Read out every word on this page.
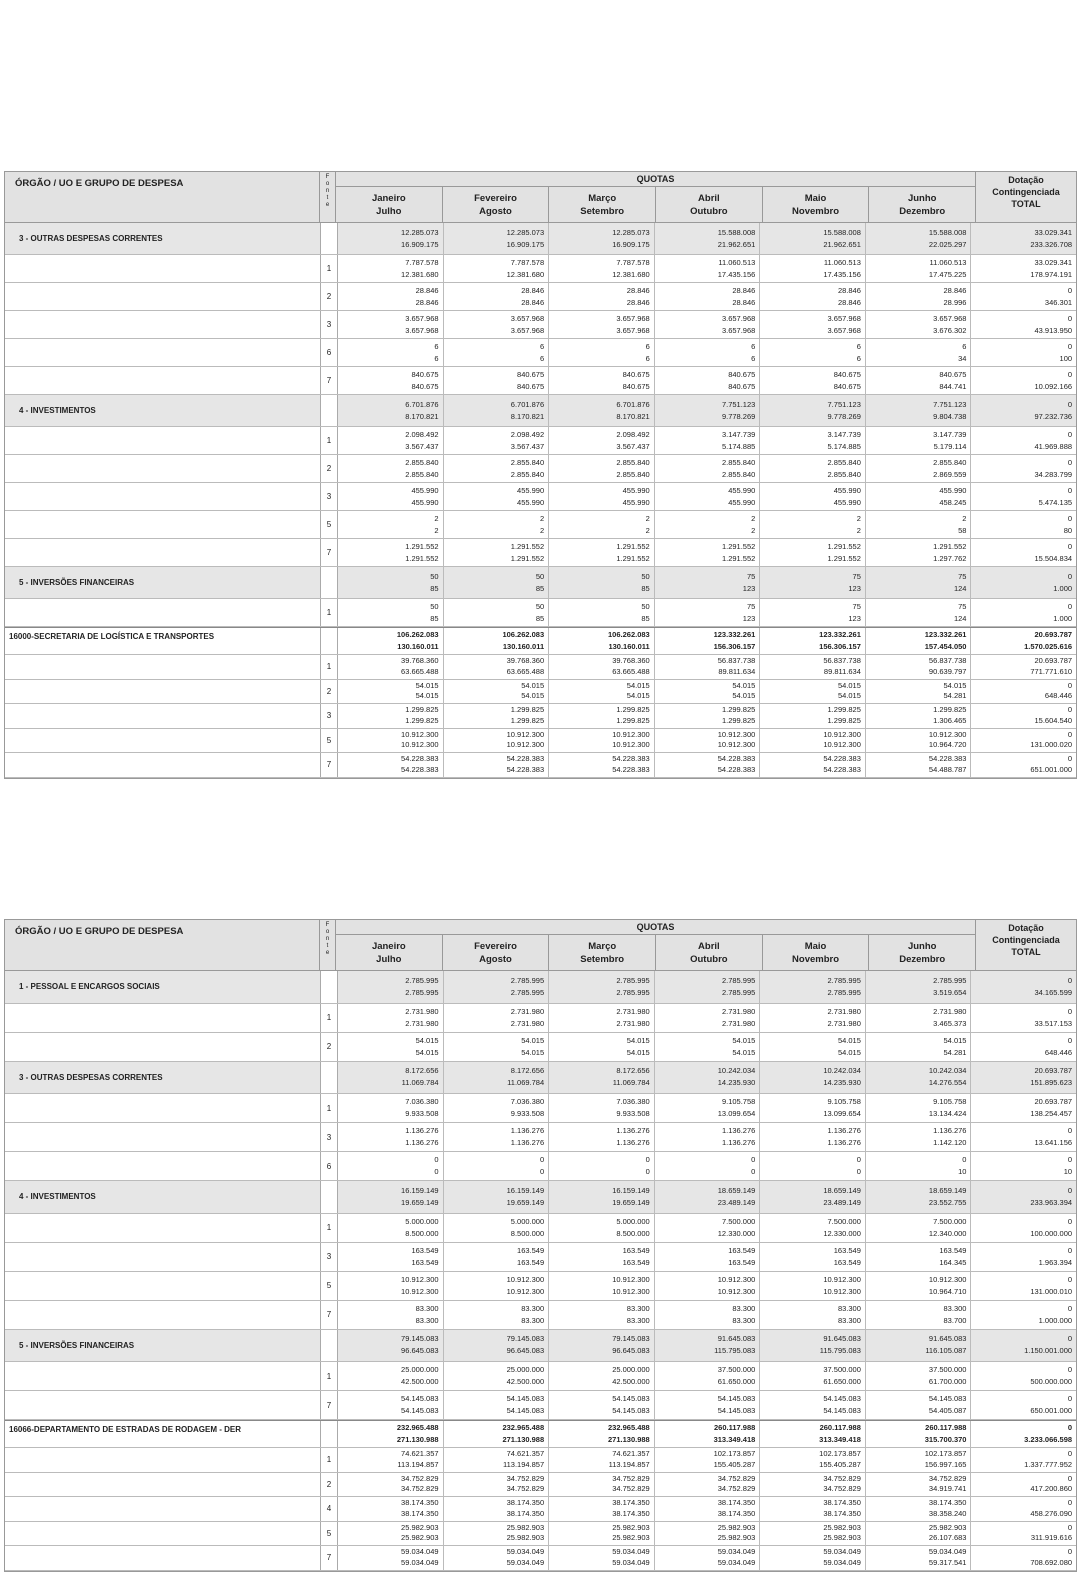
ÓRGÃO / UO E GRUPO DE DESPESA
F
o
n
t
e
QUOTAS
Janeiro
Julho
Fevereiro
Agosto
Março
Setembro
Abril
Outubro
Maio
Novembro
Junho
Dezembro
Dotação
Contingenciada
TOTAL
3 - OUTRAS DESPESAS CORRENTES
12.285.073
16.909.175
12.285.073
16.909.175
12.285.073
16.909.175
15.588.008
21.962.651
15.588.008
21.962.651
15.588.008
22.025.297
33.029.341
233.326.708
1
7.787.578
12.381.680
7.787.578
12.381.680
7.787.578
12.381.680
11.060.513
17.435.156
11.060.513
17.435.156
11.060.513
17.475.225
33.029.341
178.974.191
2
28.846
28.846
28.846
28.846
28.846
28.846
28.846
28.846
28.846
28.846
28.846
28.996
0
346.301
3
3.657.968
3.657.968
3.657.968
3.657.968
3.657.968
3.657.968
3.657.968
3.657.968
3.657.968
3.657.968
3.657.968
3.676.302
0
43.913.950
6
6
6
6
6
6
6
6
6
6
6
6
34
0
100
7
840.675
840.675
840.675
840.675
840.675
840.675
840.675
840.675
840.675
840.675
840.675
844.741
0
10.092.166
4 - INVESTIMENTOS
6.701.876
8.170.821
6.701.876
8.170.821
6.701.876
8.170.821
7.751.123
9.778.269
7.751.123
9.778.269
7.751.123
9.804.738
0
97.232.736
1
2.098.492
3.567.437
2.098.492
3.567.437
2.098.492
3.567.437
3.147.739
5.174.885
3.147.739
5.174.885
3.147.739
5.179.114
0
41.969.888
2
2.855.840
2.855.840
2.855.840
2.855.840
2.855.840
2.855.840
2.855.840
2.855.840
2.855.840
2.855.840
2.855.840
2.869.559
0
34.283.799
3
455.990
455.990
455.990
455.990
455.990
455.990
455.990
455.990
455.990
455.990
455.990
458.245
0
5.474.135
5
2
2
2
2
2
2
2
2
2
2
2
58
0
80
7
1.291.552
1.291.552
1.291.552
1.291.552
1.291.552
1.291.552
1.291.552
1.291.552
1.291.552
1.291.552
1.291.552
1.297.762
0
15.504.834
5 - INVERSÕES FINANCEIRAS
50
85
50
85
50
85
75
123
75
123
75
124
0
1.000
1
50
85
50
85
50
85
75
123
75
123
75
124
0
1.000
16000-SECRETARIA DE LOGÍSTICA E TRANSPORTES	106.262.083
130.160.011
106.262.083
130.160.011
106.262.083
130.160.011
123.332.261
156.306.157
123.332.261
156.306.157
123.332.261
157.454.050
20.693.787
1.570.025.616
1
39.768.360
63.665.488
39.768.360
63.665.488
39.768.360
63.665.488
56.837.738
89.811.634
56.837.738
89.811.634
56.837.738
90.639.797
20.693.787
771.771.610
2
54.015
54.015
54.015
54.015
54.015
54.015
54.015
54.015
54.015
54.015
54.015
54.281
0
648.446
3
1.299.825
1.299.825
1.299.825
1.299.825
1.299.825
1.299.825
1.299.825
1.299.825
1.299.825
1.299.825
1.299.825
1.306.465
0
15.604.540
5
10.912.300
10.912.300
10.912.300
10.912.300
10.912.300
10.912.300
10.912.300
10.912.300
10.912.300
10.912.300
10.912.300
10.964.720
0
131.000.020
7
54.228.383
54.228.383
54.228.383
54.228.383
54.228.383
54.228.383
54.228.383
54.228.383
54.228.383
54.228.383
54.228.383
54.488.787
0
651.001.000
ÓRGÃO / UO E GRUPO DE DESPESA
F
o
n
t
e
QUOTAS
Janeiro
Julho
Fevereiro
Agosto
Março
Setembro
Abril
Outubro
Maio
Novembro
Junho
Dezembro
Dotação
Contingenciada
TOTAL
1 - PESSOAL E ENCARGOS SOCIAIS
2.785.995
2.785.995
2.785.995
2.785.995
2.785.995
2.785.995
2.785.995
2.785.995
2.785.995
2.785.995
2.785.995
3.519.654
0
34.165.599
1
2.731.980
2.731.980
2.731.980
2.731.980
2.731.980
2.731.980
2.731.980
2.731.980
2.731.980
2.731.980
2.731.980
3.465.373
0
33.517.153
2
54.015
54.015
54.015
54.015
54.015
54.015
54.015
54.015
54.015
54.015
54.015
54.281
0
648.446
3 - OUTRAS DESPESAS CORRENTES
8.172.656
11.069.784
8.172.656
11.069.784
8.172.656
11.069.784
10.242.034
14.235.930
10.242.034
14.235.930
10.242.034
14.276.554
20.693.787
151.895.623
1
7.036.380
9.933.508
7.036.380
9.933.508
7.036.380
9.933.508
9.105.758
13.099.654
9.105.758
13.099.654
9.105.758
13.134.424
20.693.787
138.254.457
3
1.136.276
1.136.276
1.136.276
1.136.276
1.136.276
1.136.276
1.136.276
1.136.276
1.136.276
1.136.276
1.136.276
1.142.120
0
13.641.156
6
0
0
0
0
0
0
0
0
0
0
0
10
0
10
4 - INVESTIMENTOS
16.159.149
19.659.149
16.159.149
19.659.149
16.159.149
19.659.149
18.659.149
23.489.149
18.659.149
23.489.149
18.659.149
23.552.755
0
233.963.394
1
5.000.000
8.500.000
5.000.000
8.500.000
5.000.000
8.500.000
7.500.000
12.330.000
7.500.000
12.330.000
7.500.000
12.340.000
0
100.000.000
3
163.549
163.549
163.549
163.549
163.549
163.549
163.549
163.549
163.549
163.549
163.549
164.345
0
1.963.394
5
10.912.300
10.912.300
10.912.300
10.912.300
10.912.300
10.912.300
10.912.300
10.912.300
10.912.300
10.912.300
10.912.300
10.964.710
0
131.000.010
7
83.300
83.300
83.300
83.300
83.300
83.300
83.300
83.300
83.300
83.300
83.300
83.700
0
1.000.000
5 - INVERSÕES FINANCEIRAS
79.145.083
96.645.083
79.145.083
96.645.083
79.145.083
96.645.083
91.645.083
115.795.083
91.645.083
115.795.083
91.645.083
116.105.087
0
1.150.001.000
1
25.000.000
42.500.000
25.000.000
42.500.000
25.000.000
42.500.000
37.500.000
61.650.000
37.500.000
61.650.000
37.500.000
61.700.000
0
500.000.000
7
54.145.083
54.145.083
54.145.083
54.145.083
54.145.083
54.145.083
54.145.083
54.145.083
54.145.083
54.145.083
54.145.083
54.405.087
0
650.001.000
16066-DEPARTAMENTO DE ESTRADAS DE RODAGEM - DER	232.965.488
271.130.988
232.965.488
271.130.988
232.965.488
271.130.988
260.117.988
313.349.418
260.117.988
313.349.418
260.117.988
315.700.370
0
3.233.066.598
1
74.621.357
113.194.857
74.621.357
113.194.857
74.621.357
113.194.857
102.173.857
155.405.287
102.173.857
155.405.287
102.173.857
156.997.165
0
1.337.777.952
2
34.752.829
34.752.829
34.752.829
34.752.829
34.752.829
34.752.829
34.752.829
34.752.829
34.752.829
34.752.829
34.752.829
34.919.741
0
417.200.860
4
38.174.350
38.174.350
38.174.350
38.174.350
38.174.350
38.174.350
38.174.350
38.174.350
38.174.350
38.174.350
38.174.350
38.358.240
0
458.276.090
5
25.982.903
25.982.903
25.982.903
25.982.903
25.982.903
25.982.903
25.982.903
25.982.903
25.982.903
25.982.903
25.982.903
26.107.683
0
311.919.616
7
59.034.049
59.034.049
59.034.049
59.034.049
59.034.049
59.034.049
59.034.049
59.034.049
59.034.049
59.034.049
59.034.049
59.317.541
0
708.692.080
